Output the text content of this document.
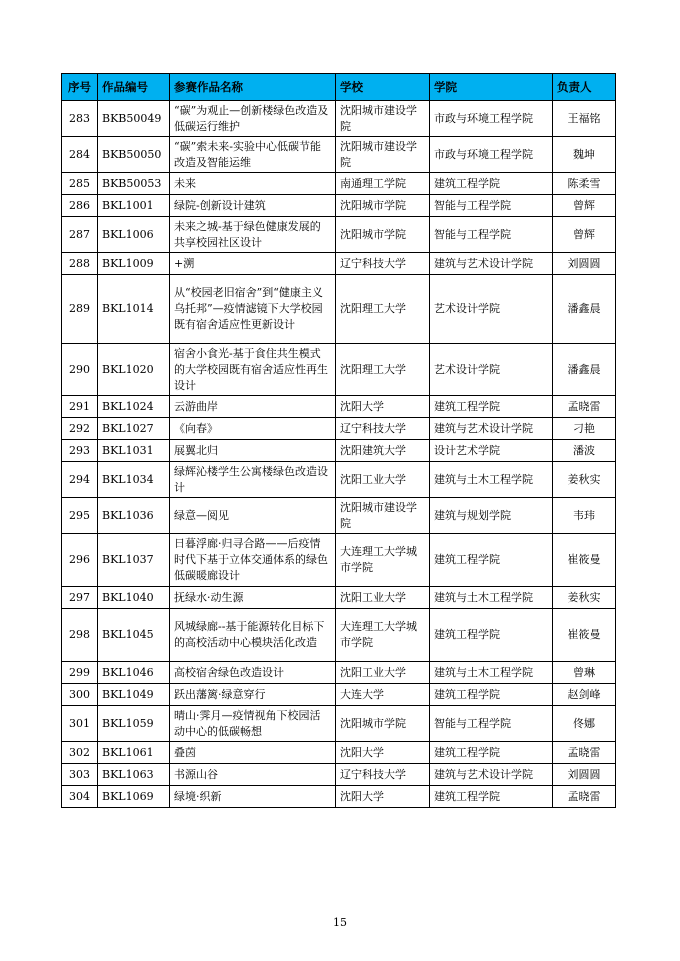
序号	作品编号	参赛作品名称	学校	学院	负责人
283	BKB50049	“碳”为观止—创新楼绿色改造及低碳运行维护	沈阳城市建设学院	市政与环境工程学院	王福铭
284	BKB50050	“碳”索未来-实验中心低碳节能改造及智能运维	沈阳城市建设学院	市政与环境工程学院	魏坤
285	BKB50053	未来	南通理工学院	建筑工程学院	陈柔雪
286	BKL1001	绿院-创新设计建筑	沈阳城市学院	智能与工程学院	曾辉
287	BKL1006	未来之城-基于绿色健康发展的共享校园社区设计	沈阳城市学院	智能与工程学院	曾辉
288	BKL1009	+溯	辽宁科技大学	建筑与艺术设计学院	刘圆圆
289	BKL1014	从“校园老旧宿舍”到“健康主义乌托邦”—疫情滤镜下大学校园既有宿舍适应性更新设计	沈阳理工大学	艺术设计学院	潘鑫晨
290	BKL1020	宿舍小食光-基于食住共生模式的大学校园既有宿舍适应性再生设计	沈阳理工大学	艺术设计学院	潘鑫晨
291	BKL1024	云游曲岸	沈阳大学	建筑工程学院	孟晓雷
292	BKL1027	《向春》	辽宁科技大学	建筑与艺术设计学院	刁艳
293	BKL1031	展翼北归	沈阳建筑大学	设计艺术学院	潘波
294	BKL1034	绿辉沁楼学生公寓楼绿色改造设计	沈阳工业大学	建筑与土木工程学院	姜秋实
295	BKL1036	绿意—阅见	沈阳城市建设学院	建筑与规划学院	韦玮
296	BKL1037	日暮浮廊·归寻合路——后疫情时代下基于立体交通体系的绿色低碳暖廊设计	大连理工大学城市学院	建筑工程学院	崔筱曼
297	BKL1040	抚绿水·动生源	沈阳工业大学	建筑与土木工程学院	姜秋实
298	BKL1045	风城绿廊--基于能源转化目标下的高校活动中心模块活化改造	大连理工大学城市学院	建筑工程学院	崔筱曼
299	BKL1046	高校宿舍绿色改造设计	沈阳工业大学	建筑与土木工程学院	曾琳
300	BKL1049	跃出藩篱·绿意穿行	大连大学	建筑工程学院	赵剑峰
301	BKL1059	晴山·霁月—疫情视角下校园活动中心的低碳畅想	沈阳城市学院	智能与工程学院	佟娜
302	BKL1061	叠茵	沈阳大学	建筑工程学院	孟晓雷
303	BKL1063	书源山谷	辽宁科技大学	建筑与艺术设计学院	刘圆圆
304	BKL1069	绿境·织新	沈阳大学	建筑工程学院	孟晓雷
15
